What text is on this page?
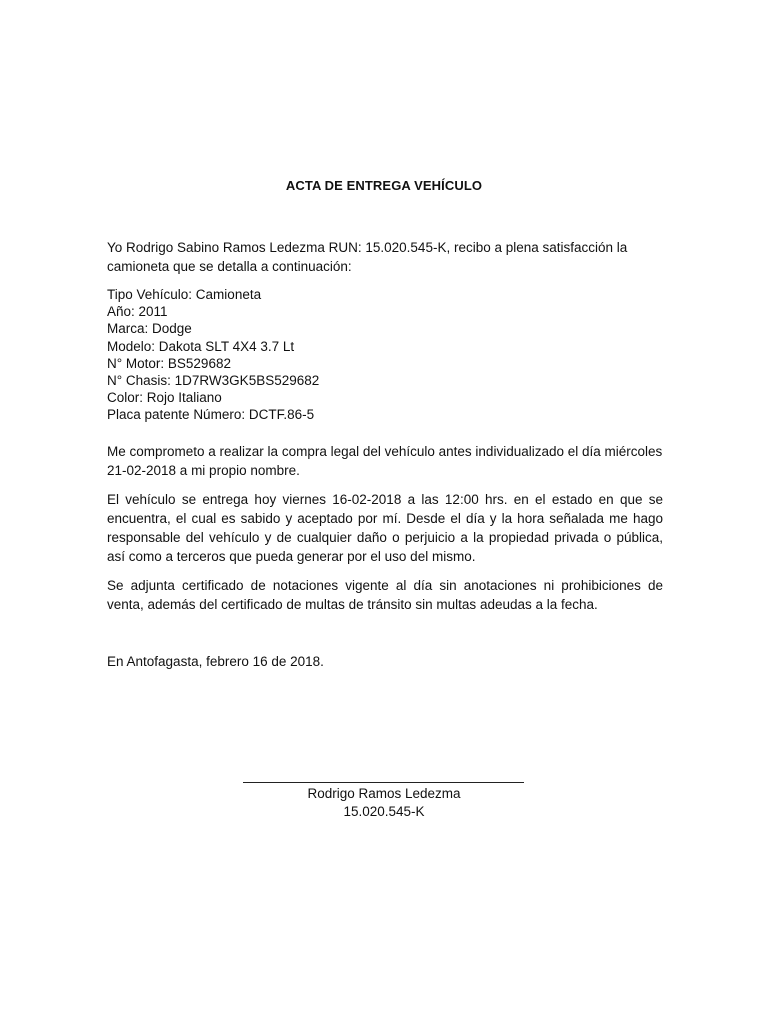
ACTA DE ENTREGA VEHÍCULO
Yo Rodrigo Sabino Ramos Ledezma RUN: 15.020.545-K, recibo a plena satisfacción la camioneta que se detalla a continuación:
Tipo Vehículo: Camioneta
Año: 2011
Marca: Dodge
Modelo: Dakota SLT 4X4 3.7 Lt
N° Motor: BS529682
N° Chasis: 1D7RW3GK5BS529682
Color: Rojo Italiano
Placa patente Número: DCTF.86-5
Me comprometo a realizar la compra legal del vehículo antes individualizado el día miércoles 21-02-2018 a mi propio nombre.
El vehículo se entrega hoy viernes 16-02-2018 a las 12:00 hrs. en el estado en que se encuentra, el cual es sabido y aceptado por mí. Desde el día y la hora señalada me hago responsable del vehículo y de cualquier daño o perjuicio a la propiedad privada o pública, así como a terceros que pueda generar por el uso del mismo.
Se adjunta certificado de notaciones vigente al día sin anotaciones ni prohibiciones de venta, además del certificado de multas de tránsito sin multas adeudas a la fecha.
En Antofagasta, febrero 16 de 2018.
Rodrigo Ramos Ledezma
15.020.545-K
